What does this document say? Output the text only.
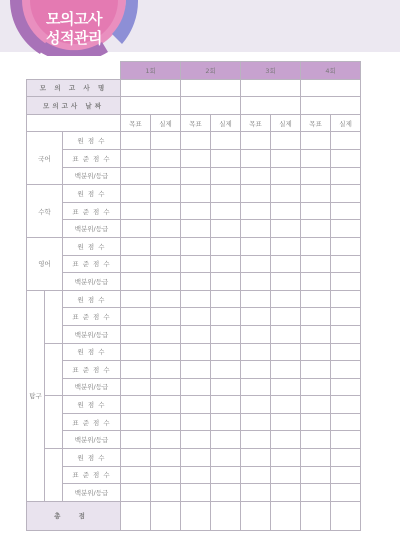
모의고사
성적관리
			1회		2회		3회		4회	
모 의 고 사 명										
모의고사 날짜										
			목표	실제	목표	실제	목표	실제	목표	실제
국어		원 점 수								
		표 준 점 수								
		백분위/등급								
수학		원 점 수								
		표 준 점 수								
		백분위/등급								
영어		원 점 수								
		표 준 점 수								
		백분위/등급								
탐구		원 점 수								
		표 준 점 수								
		백분위/등급								
		원 점 수								
		표 준 점 수								
		백분위/등급								
		원 점 수								
		표 준 점 수								
		백분위/등급								
		원 점 수								
		표 준 점 수								
		백분위/등급								
총 점										
